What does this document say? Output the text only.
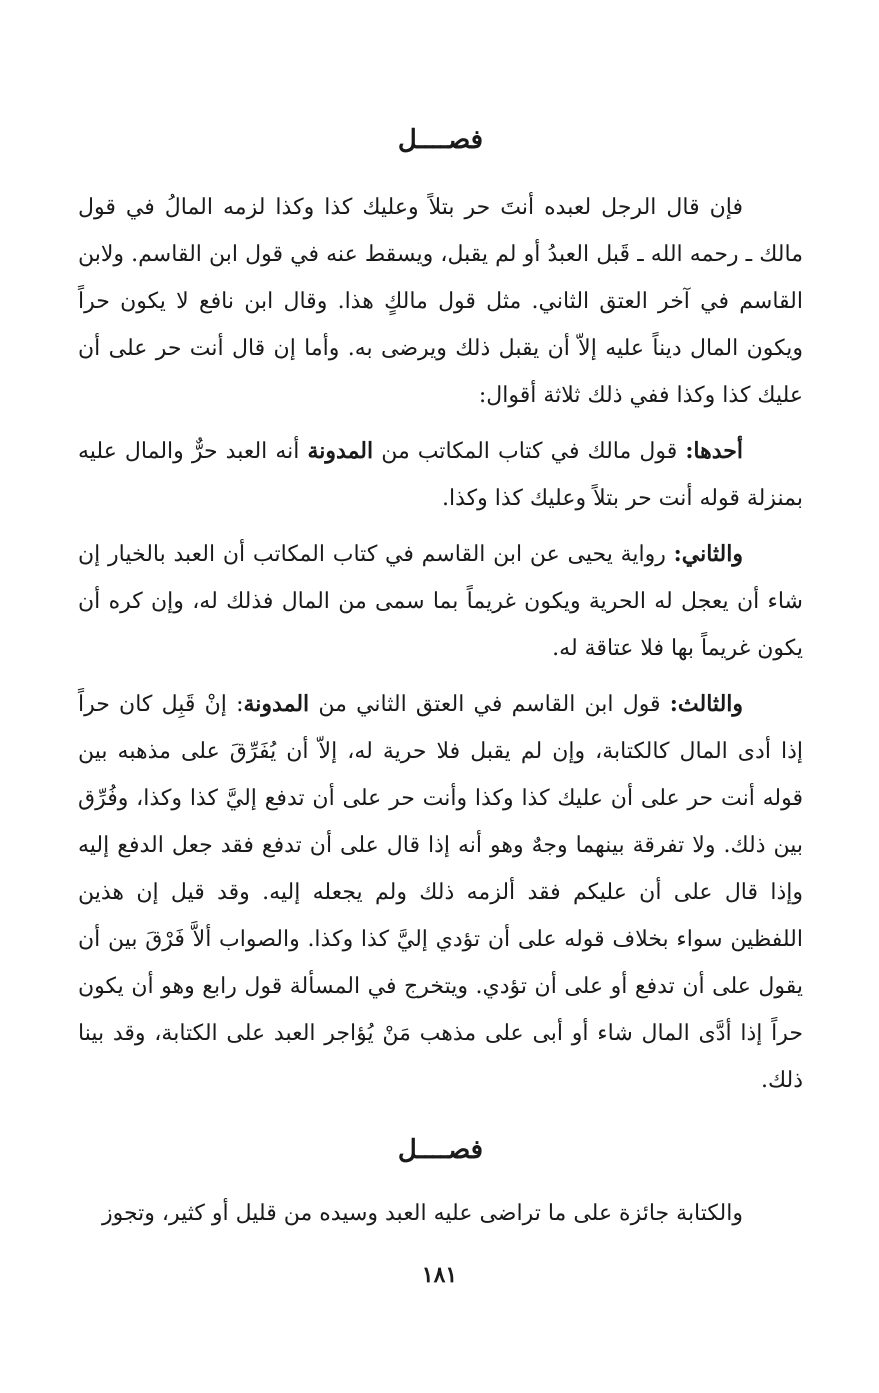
فصــــل

فإن قال الرجل لعبده أنتَ حر بتلاً وعليك كذا وكذا لزمه المالُ في قول مالك ـ رحمه الله ـ قَبل العبدُ أو لم يقبل، ويسقط عنه في قول ابن القاسم. ولابن القاسم في آخر العتق الثاني. مثل قول مالكٍ هذا. وقال ابن نافع لا يكون حراً ويكون المال ديناً عليه إلاّ أن يقبل ذلك ويرضى به. وأما إن قال أنت حر على أن عليك كذا وكذا ففي ذلك ثلاثة أقوال:

أحدها: قول مالك في كتاب المكاتب من المدونة أنه العبد حرٌّ والمال عليه بمنزلة قوله أنت حر بتلاً وعليك كذا وكذا.

والثاني: رواية يحيى عن ابن القاسم في كتاب المكاتب أن العبد بالخيار إن شاء أن يعجل له الحرية ويكون غريماً بما سمى من المال فذلك له، وإن كره أن يكون غريماً بها فلا عتاقة له.

والثالث: قول ابن القاسم في العتق الثاني من المدونة: إنْ قَبِل كان حراً إذا أدى المال كالكتابة، وإن لم يقبل فلا حرية له، إلاّ أن يُفَرِّقَ على مذهبه بين قوله أنت حر على أن عليك كذا وكذا وأنت حر على أن تدفع إليَّ كذا وكذا، وفُرِّق بين ذلك. ولا تفرقة بينهما وجهٌ وهو أنه إذا قال على أن تدفع فقد جعل الدفع إليه وإذا قال على أن عليكم فقد ألزمه ذلك ولم يجعله إليه. وقد قيل إن هذين اللفظين سواء بخلاف قوله على أن تؤدي إليَّ كذا وكذا. والصواب ألاَّ فَرْقَ بين أن يقول على أن تدفع أو على أن تؤدي. ويتخرج في المسألة قول رابع وهو أن يكون حراً إذا أدَّى المال شاء أو أبى على مذهب مَنْ يُؤاجر العبد على الكتابة، وقد بينا ذلك.

فصــــل

والكتابة جائزة على ما تراضى عليه العبد وسيده من قليل أو كثير، وتجوز

١٨١
